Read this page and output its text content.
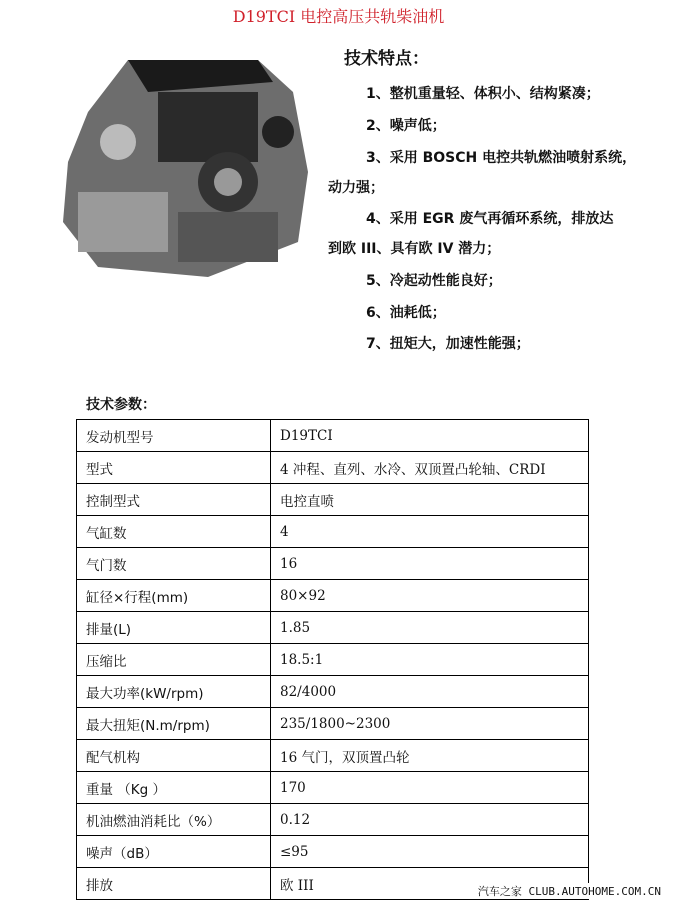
D19TCI 电控高压共轨柴油机
技术特点：
1、整机重量轻、体积小、结构紧凑；
2、噪声低；
3、采用 BOSCH 电控共轨燃油喷射系统，
动力强；
4、采用 EGR 废气再循环系统，排放达
到欧 III、具有欧 IV 潜力；
5、冷起动性能良好；
6、油耗低；
7、扭矩大，加速性能强；
技术参数：
发动机型号	D19TCI
型式	4 冲程、直列、水冷、双顶置凸轮轴、CRDI
控制型式	电控直喷
气缸数	4
气门数	16
缸径×行程(mm)	80×92
排量(L)	1.85
压缩比	18.5:1
最大功率(kW/rpm)	82/4000
最大扭矩(N.m/rpm)	235/1800~2300
配气机构	16 气门，双顶置凸轮
重量 （Kg ）	170
机油燃油消耗比（%）	0.12
噪声（dB）	≤95
排放	欧 III	汽车之家 CLUB.AUTOHOME.COM.CN
